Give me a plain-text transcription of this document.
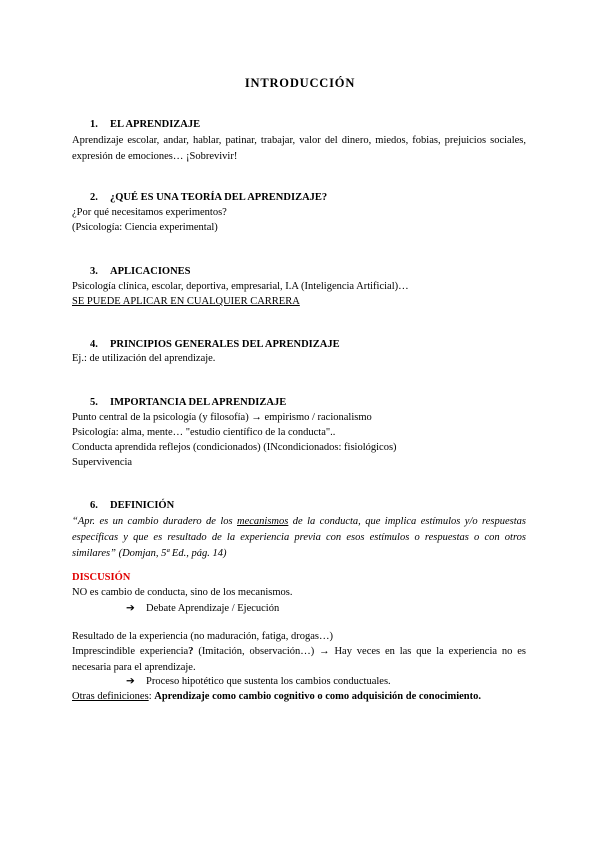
INTRODUCCIÓN
1. EL APRENDIZAJE
Aprendizaje escolar, andar, hablar, patinar, trabajar, valor del dinero, miedos, fobias, prejuicios sociales, expresión de emociones… ¡Sobrevivir!
2. ¿QUÉ ES UNA TEORÍA DEL APRENDIZAJE?
¿Por qué necesitamos experimentos?
(Psicología: Ciencia experimental)
3. APLICACIONES
Psicología clínica, escolar, deportiva, empresarial, I.A (Inteligencia Artificial)…
SE PUEDE APLICAR EN CUALQUIER CARRERA
4. PRINCIPIOS GENERALES DEL APRENDIZAJE
Ej.: de utilización del aprendizaje.
5. IMPORTANCIA DEL APRENDIZAJE
Punto central de la psicología (y filosofía) → empirismo / racionalismo
Psicología: alma, mente… "estudio científico de la conducta"..
Conducta aprendida reflejos (condicionados) (INcondicionados: fisiológicos)
Supervivencia
6. DEFINICIÓN
“Apr. es un cambio duradero de los mecanismos de la conducta, que implica estímulos y/o respuestas específicas y que es resultado de la experiencia previa con esos estímulos o respuestas o con otros similares” (Domjan, 5ª Ed., pág. 14)
DISCUSIÓN
NO es cambio de conducta, sino de los mecanismos.
➔ Debate Aprendizaje / Ejecución
Resultado de la experiencia (no maduración, fatiga, drogas…)
Imprescindible experiencia? (Imitación, observación…) → Hay veces en las que la experiencia no es necesaria para el aprendizaje.
➔ Proceso hipotético que sustenta los cambios conductuales.
Otras definiciones: Aprendizaje como cambio cognitivo o como adquisición de conocimiento.
